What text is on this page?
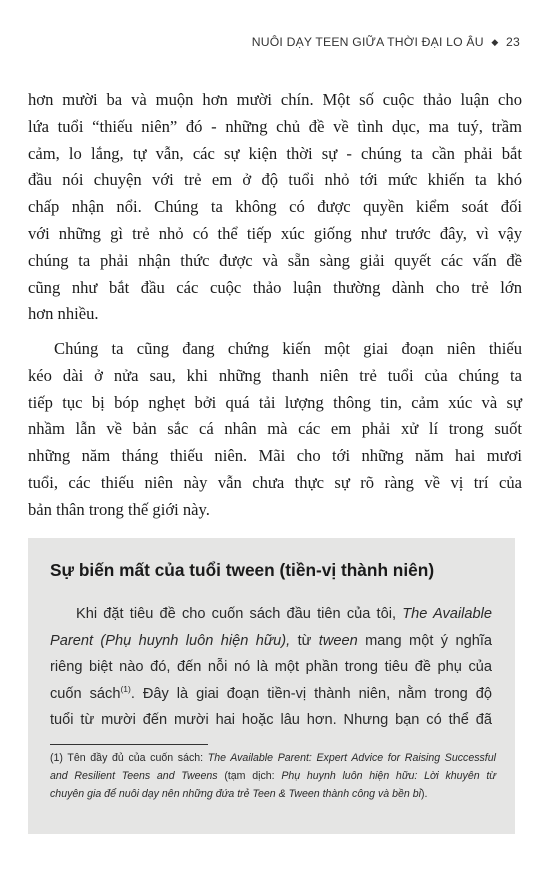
NUÔI DẠY TEEN GIỮA THỜI ĐẠI LO ÂU ◆ 23
hơn mười ba và muộn hơn mười chín. Một số cuộc thảo luận cho
lứa tuổi “thiếu niên” đó - những chủ đề về tình dục, ma tuý, trầm
cảm, lo lắng, tự vẫn, các sự kiện thời sự - chúng ta cần phải bắt
đầu nói chuyện với trẻ em ở độ tuổi nhỏ tới mức khiến ta khó
chấp nhận nổi. Chúng ta không có được quyền kiểm soát đối
với những gì trẻ nhỏ có thể tiếp xúc giống như trước đây, vì vậy
chúng ta phải nhận thức được và sẵn sàng giải quyết các vấn đề
cũng như bắt đầu các cuộc thảo luận thường dành cho trẻ lớn
hơn nhiều.
Chúng ta cũng đang chứng kiến một giai đoạn niên thiếu
kéo dài ở nửa sau, khi những thanh niên trẻ tuổi của chúng ta
tiếp tục bị bóp nghẹt bởi quá tải lượng thông tin, cảm xúc và sự
nhầm lẫn về bản sắc cá nhân mà các em phải xử lí trong suốt
những năm tháng thiếu niên. Mãi cho tới những năm hai mươi
tuổi, các thiếu niên này vẫn chưa thực sự rõ ràng về vị trí của
bản thân trong thế giới này.
Sự biến mất của tuổi tween (tiền-vị thành niên)
Khi đặt tiêu đề cho cuốn sách đầu tiên của tôi, The Available
Parent (Phụ huynh luôn hiện hữu), từ tween mang một ý nghĩa
riêng biệt nào đó, đến nỗi nó là một phần trong tiêu đề phụ của
cuốn sách$^{(1)}$. Đây là giai đoạn tiền-vị thành niên, nằm trong độ
tuổi từ mười đến mười hai hoặc lâu hơn. Nhưng bạn có thể đã
(1) Tên đầy đủ của cuốn sách: The Available Parent: Expert Advice for Raising Successful
and Resilient Teens and Tweens (tạm dịch: Phụ huynh luôn hiện hữu: Lời khuyên từ
chuyên gia để nuôi dạy nên những đứa trẻ Teen & Tween thành công và bền bỉ).
